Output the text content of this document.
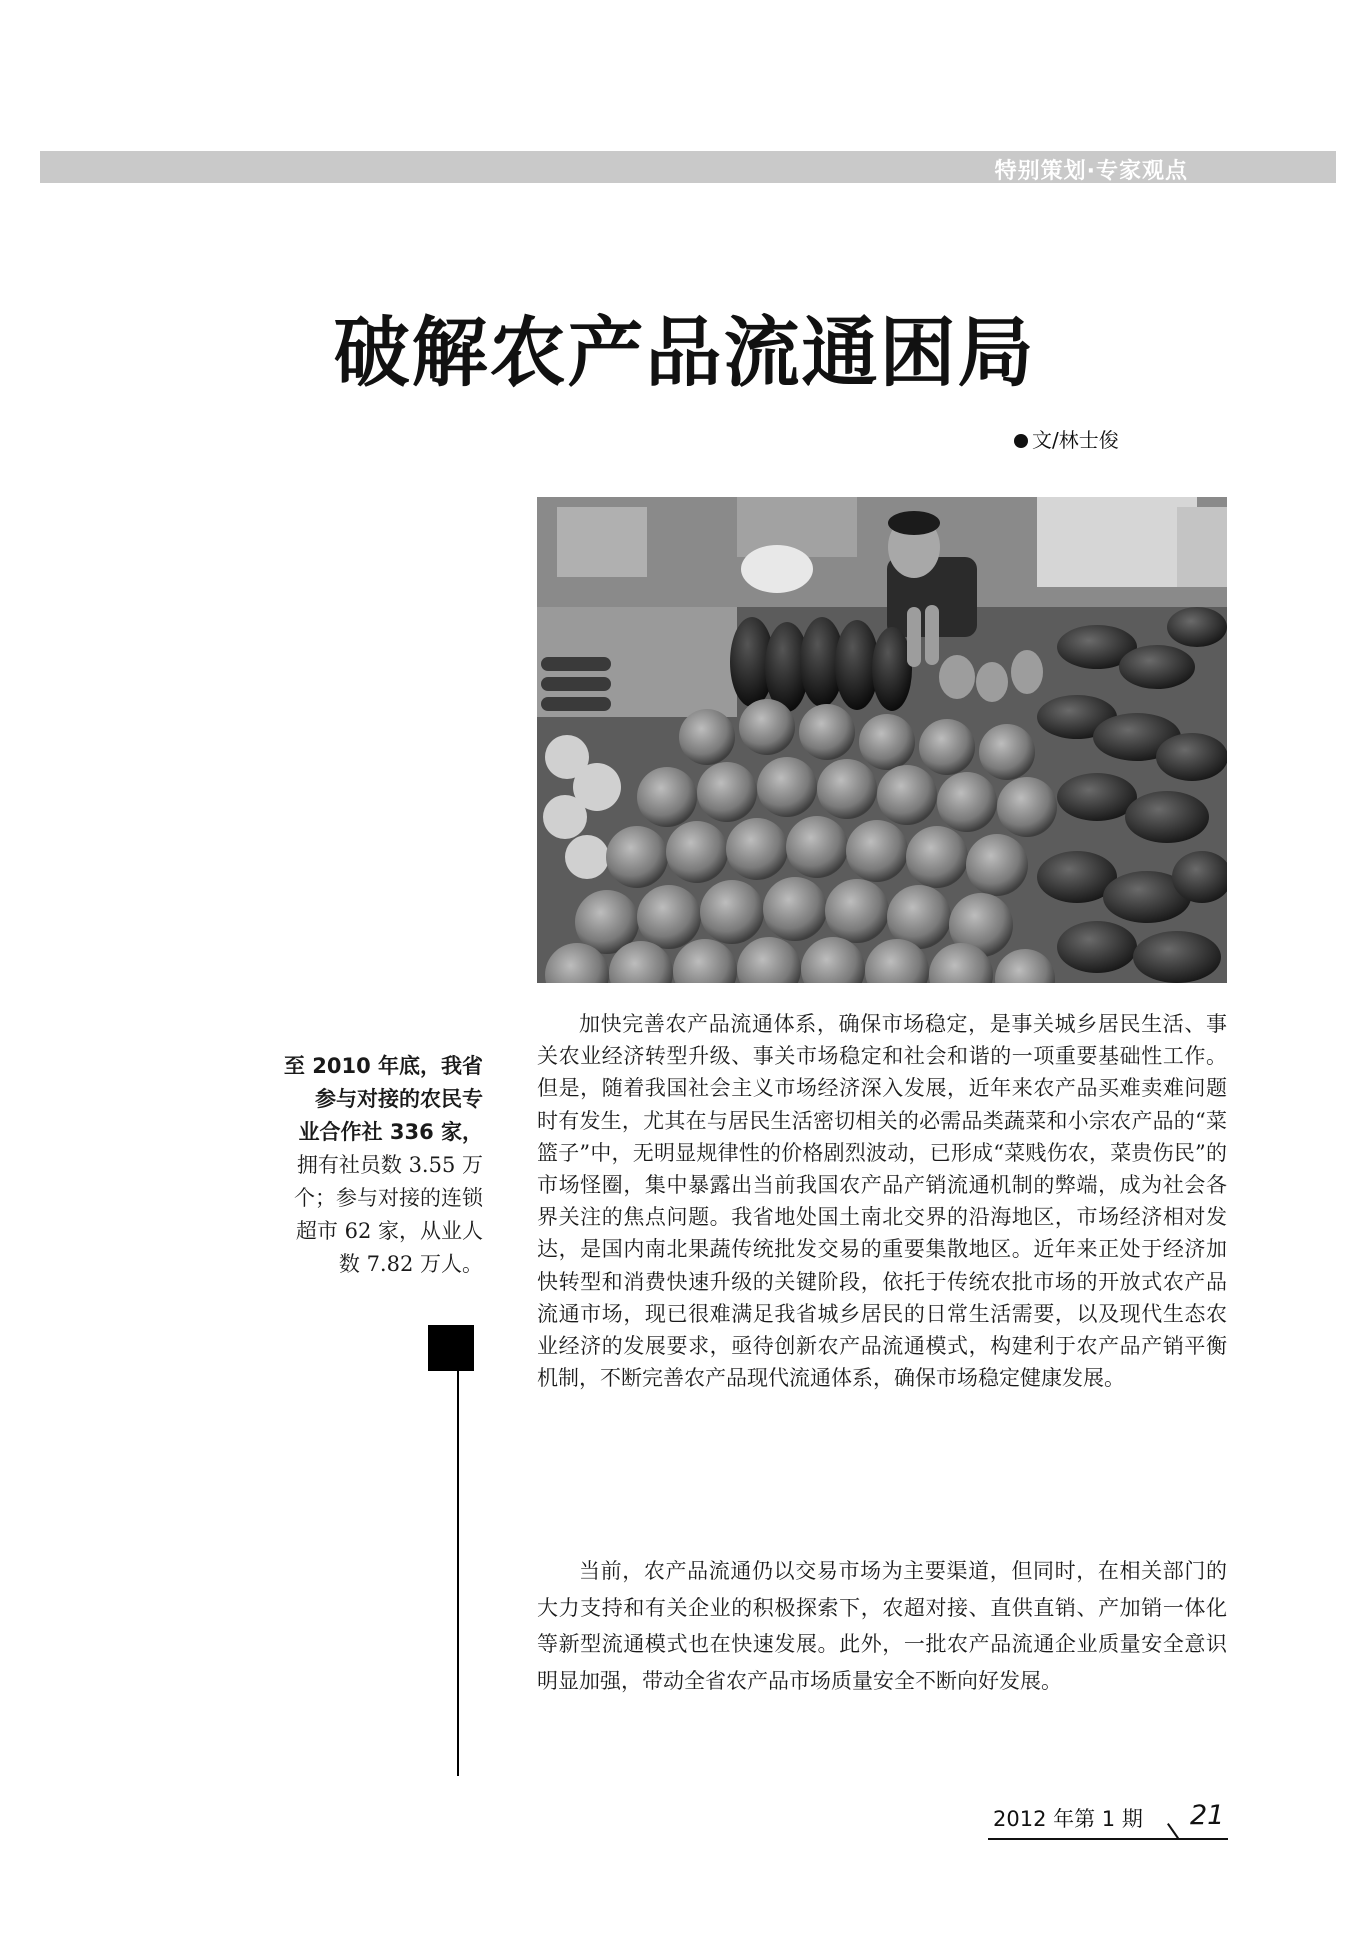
特别策划·专家观点
破解农产品流通困局
文/林士俊
至 2010 年底，我省
参与对接的农民专
业合作社 336 家，
拥有社员数 3.55 万
个；参与对接的连锁
超市 62 家，从业人
数 7.82 万人。

加快完善农产品流通体系，确保市场稳定，是事关城乡居民生活、事关农业经济转型升级、事关市场稳定和社会和谐的一项重要基础性工作。但是，随着我国社会主义市场经济深入发展，近年来农产品买难卖难问题时有发生，尤其在与居民生活密切相关的必需品类蔬菜和小宗农产品的“菜篮子”中，无明显规律性的价格剧烈波动，已形成“菜贱伤农，菜贵伤民”的市场怪圈，集中暴露出当前我国农产品产销流通机制的弊端，成为社会各界关注的焦点问题。我省地处国土南北交界的沿海地区，市场经济相对发达，是国内南北果蔬传统批发交易的重要集散地区。近年来正处于经济加快转型和消费快速升级的关键阶段，依托于传统农批市场的开放式农产品流通市场，现已很难满足我省城乡居民的日常生活需要，以及现代生态农业经济的发展要求，亟待创新农产品流通模式，构建利于农产品产销平衡机制，不断完善农产品现代流通体系，确保市场稳定健康发展。

当前，农产品流通仍以交易市场为主要渠道，但同时，在相关部门的大力支持和有关企业的积极探索下，农超对接、直供直销、产加销一体化等新型流通模式也在快速发展。此外，一批农产品流通企业质量安全意识明显加强，带动全省农产品市场质量安全不断向好发展。

2012 年第 1 期 21
